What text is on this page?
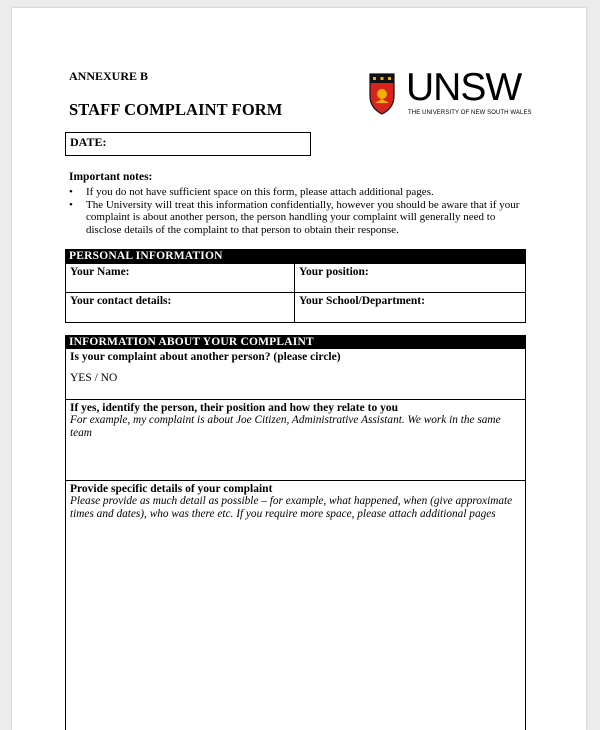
ANNEXURE B
STAFF COMPLAINT FORM
UNSW
THE UNIVERSITY OF NEW SOUTH WALES
DATE:
Important notes:
• If you do not have sufficient space on this form, please attach additional pages.
• The University will treat this information confidentially, however you should be aware that if your complaint is about another person, the person handling your complaint will generally need to disclose details of the complaint to that person to obtain their response.
PERSONAL INFORMATION
Your Name:	Your position:
Your contact details:	Your School/Department:
INFORMATION ABOUT YOUR COMPLAINT
Is your complaint about another person? (please circle)
YES / NO
If yes, identify the person, their position and how they relate to you
For example, my complaint is about Joe Citizen, Administrative Assistant. We work in the same team
Provide specific details of your complaint
Please provide as much detail as possible – for example, what happened, when (give approximate times and dates), who was there etc. If you require more space, please attach additional pages
